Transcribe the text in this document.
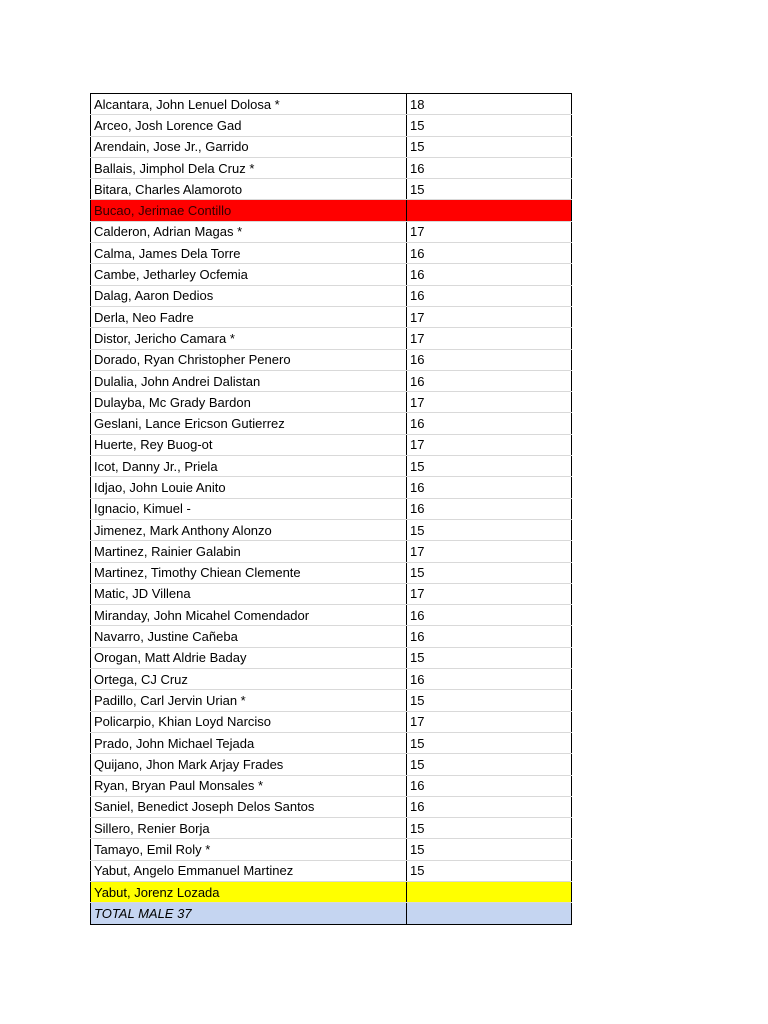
Alcantara, John Lenuel Dolosa *	18
Arceo, Josh Lorence Gad	15
Arendain, Jose Jr., Garrido	15
Ballais, Jimphol Dela Cruz *	16
Bitara, Charles Alamoroto	15
Bucao, Jerimae Contillo	
Calderon, Adrian Magas *	17
Calma, James Dela Torre	16
Cambe, Jetharley Ocfemia	16
Dalag, Aaron Dedios	16
Derla, Neo Fadre	17
Distor, Jericho Camara *	17
Dorado, Ryan Christopher Penero	16
Dulalia, John Andrei Dalistan	16
Dulayba, Mc Grady Bardon	17
Geslani, Lance Ericson Gutierrez	16
Huerte, Rey Buog-ot	17
Icot, Danny Jr., Priela	15
Idjao, John Louie Anito	16
Ignacio, Kimuel -	16
Jimenez, Mark Anthony Alonzo	15
Martinez, Rainier Galabin	17
Martinez, Timothy Chiean Clemente	15
Matic, JD Villena	17
Miranday, John Micahel Comendador	16
Navarro, Justine Cañeba	16
Orogan, Matt Aldrie Baday	15
Ortega, CJ Cruz	16
Padillo, Carl Jervin Urian *	15
Policarpio, Khian Loyd Narciso	17
Prado, John Michael Tejada	15
Quijano, Jhon Mark Arjay Frades	15
Ryan, Bryan Paul Monsales *	16
Saniel, Benedict Joseph Delos Santos	16
Sillero, Renier Borja	15
Tamayo, Emil Roly *	15
Yabut, Angelo Emmanuel Martinez	15
Yabut, Jorenz Lozada	
TOTAL MALE 37	
